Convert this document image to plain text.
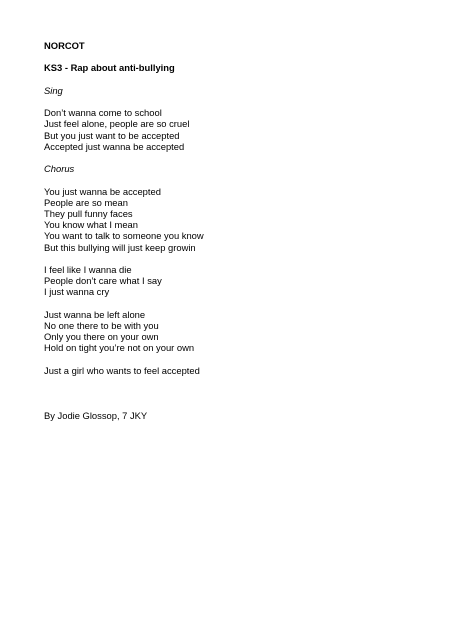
NORCOT

KS3 - Rap about anti-bullying

Sing

Don’t wanna come to school
Just feel alone, people are so cruel
But you just want to be accepted
Accepted just wanna be accepted

Chorus

You just wanna be accepted
People are so mean
They pull funny faces
You know what I mean
You want to talk to someone you know
But this bullying will just keep growin
I feel like I wanna die
People don’t care what I say
I just wanna cry
Just wanna be left alone
No one there to be with you
Only you there on your own
Hold on tight you’re not on your own
Just a girl who wants to feel accepted

By Jodie Glossop, 7 JKY
